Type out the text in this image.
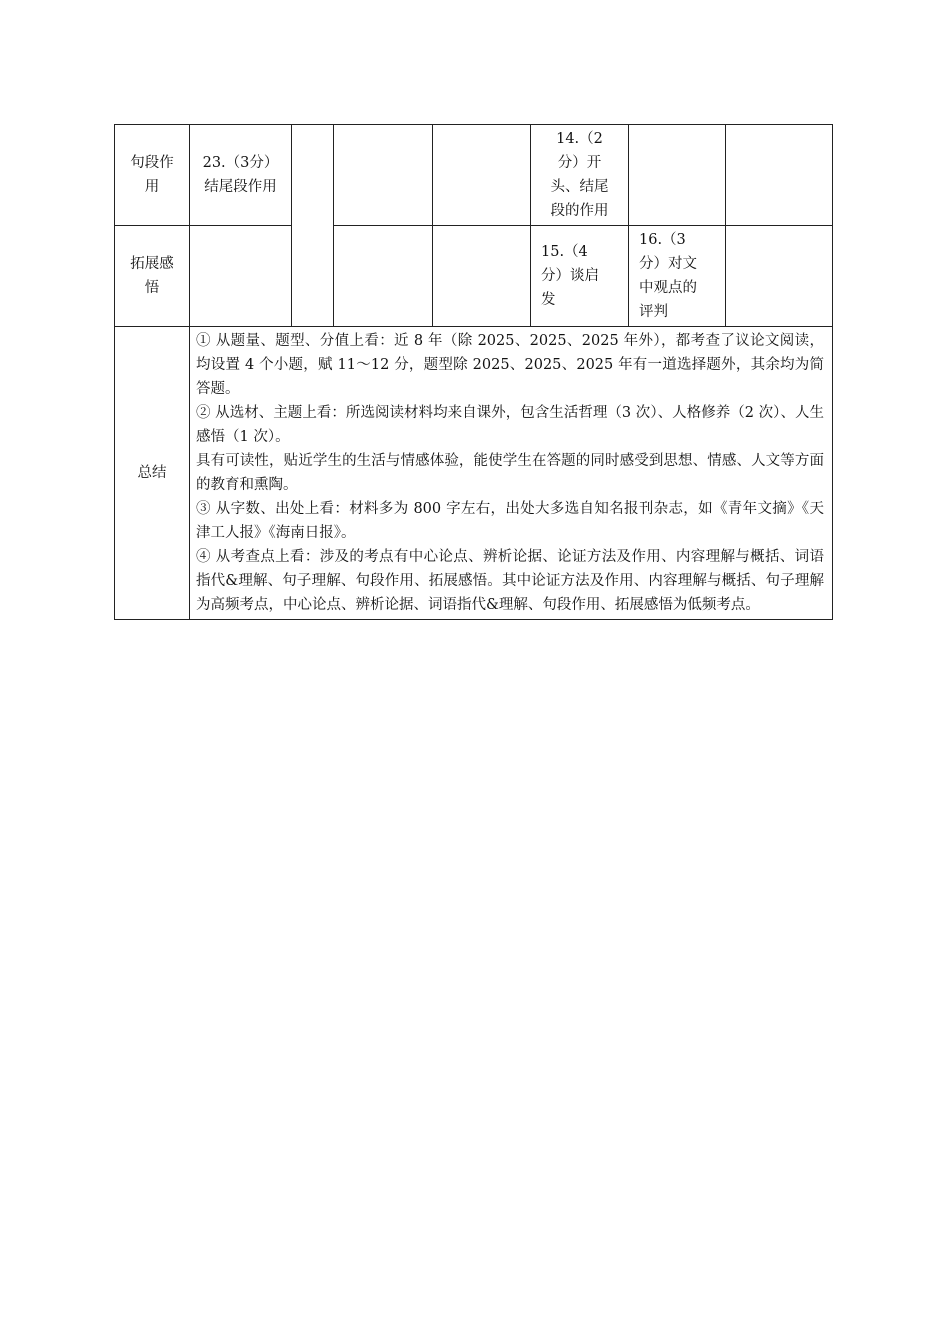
句段作用	23.（3分）结尾段作用				14.（2分）开头、结尾段的作用		
拓展感悟					15.（4分）谈启发	16.（3分）对文中观点的评判	
总结	① 从题量、题型、分值上看：近 8 年（除 2025、2025、2025 年外），都考查了议论文阅读，均设置 4 个小题，赋 11～12 分，题型除 2025、2025、2025 年有一道选择题外，其余均为简答题。

② 从选材、主题上看：所选阅读材料均来自课外，包含生活哲理（3 次）、人格修养（2 次）、人生感悟（1 次）。

具有可读性，贴近学生的生活与情感体验，能使学生在答题的同时感受到思想、情感、人文等方面的教育和熏陶。

③ 从字数、出处上看：材料多为 800 字左右，出处大多选自知名报刊杂志，如《青年文摘》《天津工人报》《海南日报》。

④ 从考查点上看：涉及的考点有中心论点、辨析论据、论证方法及作用、内容理解与概括、词语指代&理解、句子理解、句段作用、拓展感悟。其中论证方法及作用、内容理解与概括、句子理解为高频考点，中心论点、辨析论据、词语指代&理解、句段作用、拓展感悟为低频考点。						
